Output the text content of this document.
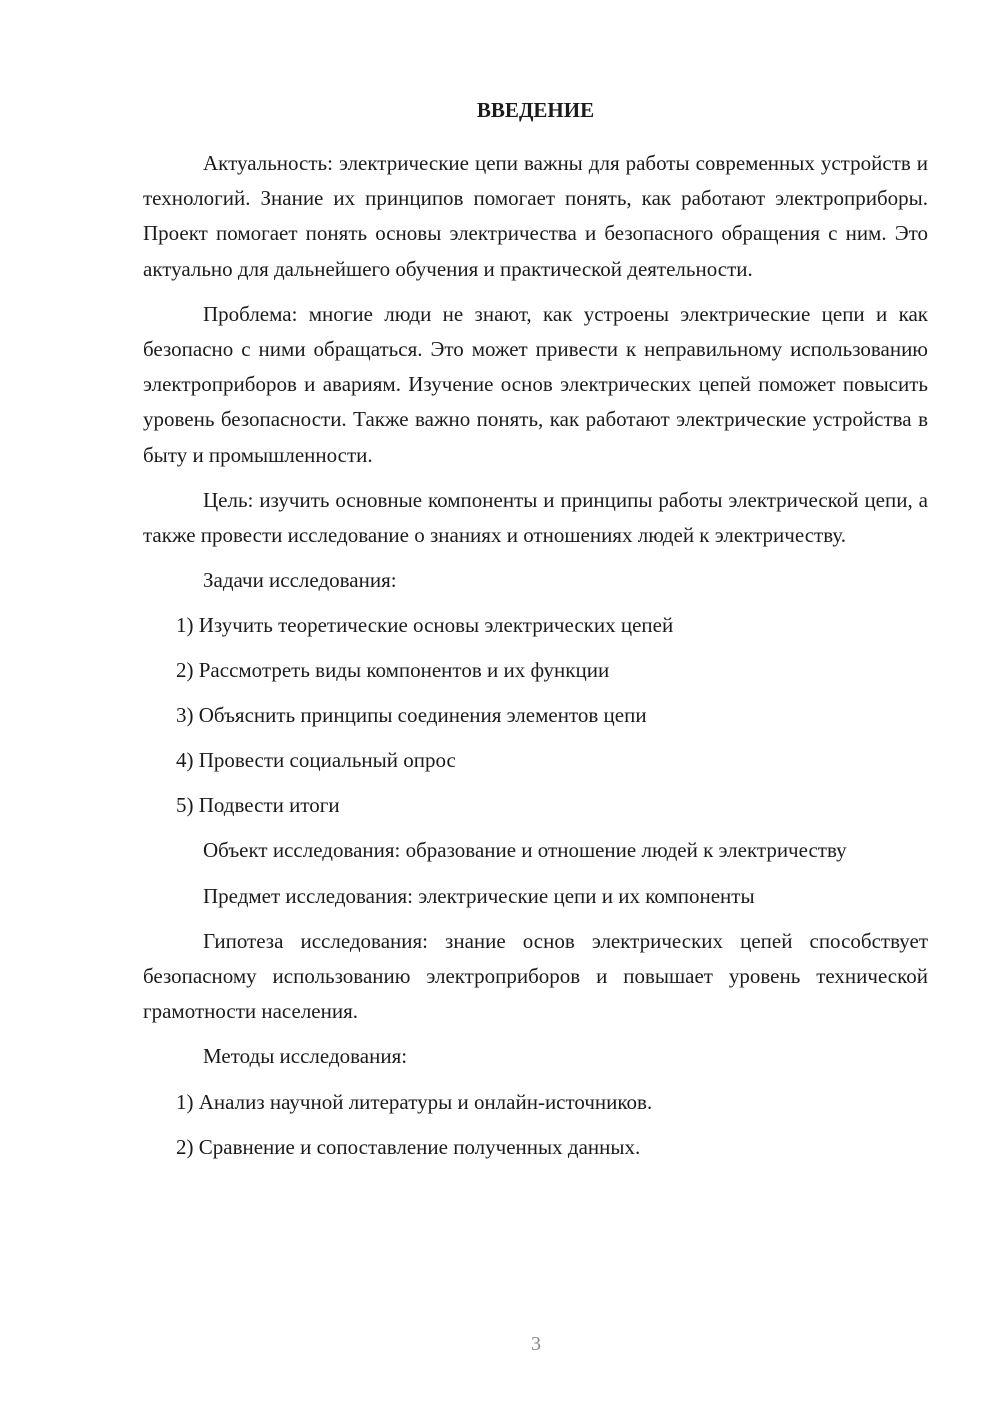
ВВЕДЕНИЕ

Актуальность: электрические цепи важны для работы современных устройств и технологий. Знание их принципов помогает понять, как работают электроприборы. Проект помогает понять основы электричества и безопасного обращения с ним. Это актуально для дальнейшего обучения и практической деятельности.

Проблема: многие люди не знают, как устроены электрические цепи и как безопасно с ними обращаться. Это может привести к неправильному использованию электроприборов и авариям. Изучение основ электрических цепей поможет повысить уровень безопасности. Также важно понять, как работают электрические устройства в быту и промышленности.

Цель: изучить основные компоненты и принципы работы электрической цепи, а также провести исследование о знаниях и отношениях людей к электричеству.

Задачи исследования:

1) Изучить теоретические основы электрических цепей
2) Рассмотреть виды компонентов и их функции
3) Объяснить принципы соединения элементов цепи
4) Провести социальный опрос
5) Подвести итоги

Объект исследования: образование и отношение людей к электричеству

Предмет исследования: электрические цепи и их компоненты

Гипотеза исследования: знание основ электрических цепей способствует безопасному использованию электроприборов и повышает уровень технической грамотности населения.

Методы исследования:

1) Анализ научной литературы и онлайн-источников.
2) Сравнение и сопоставление полученных данных.
3
